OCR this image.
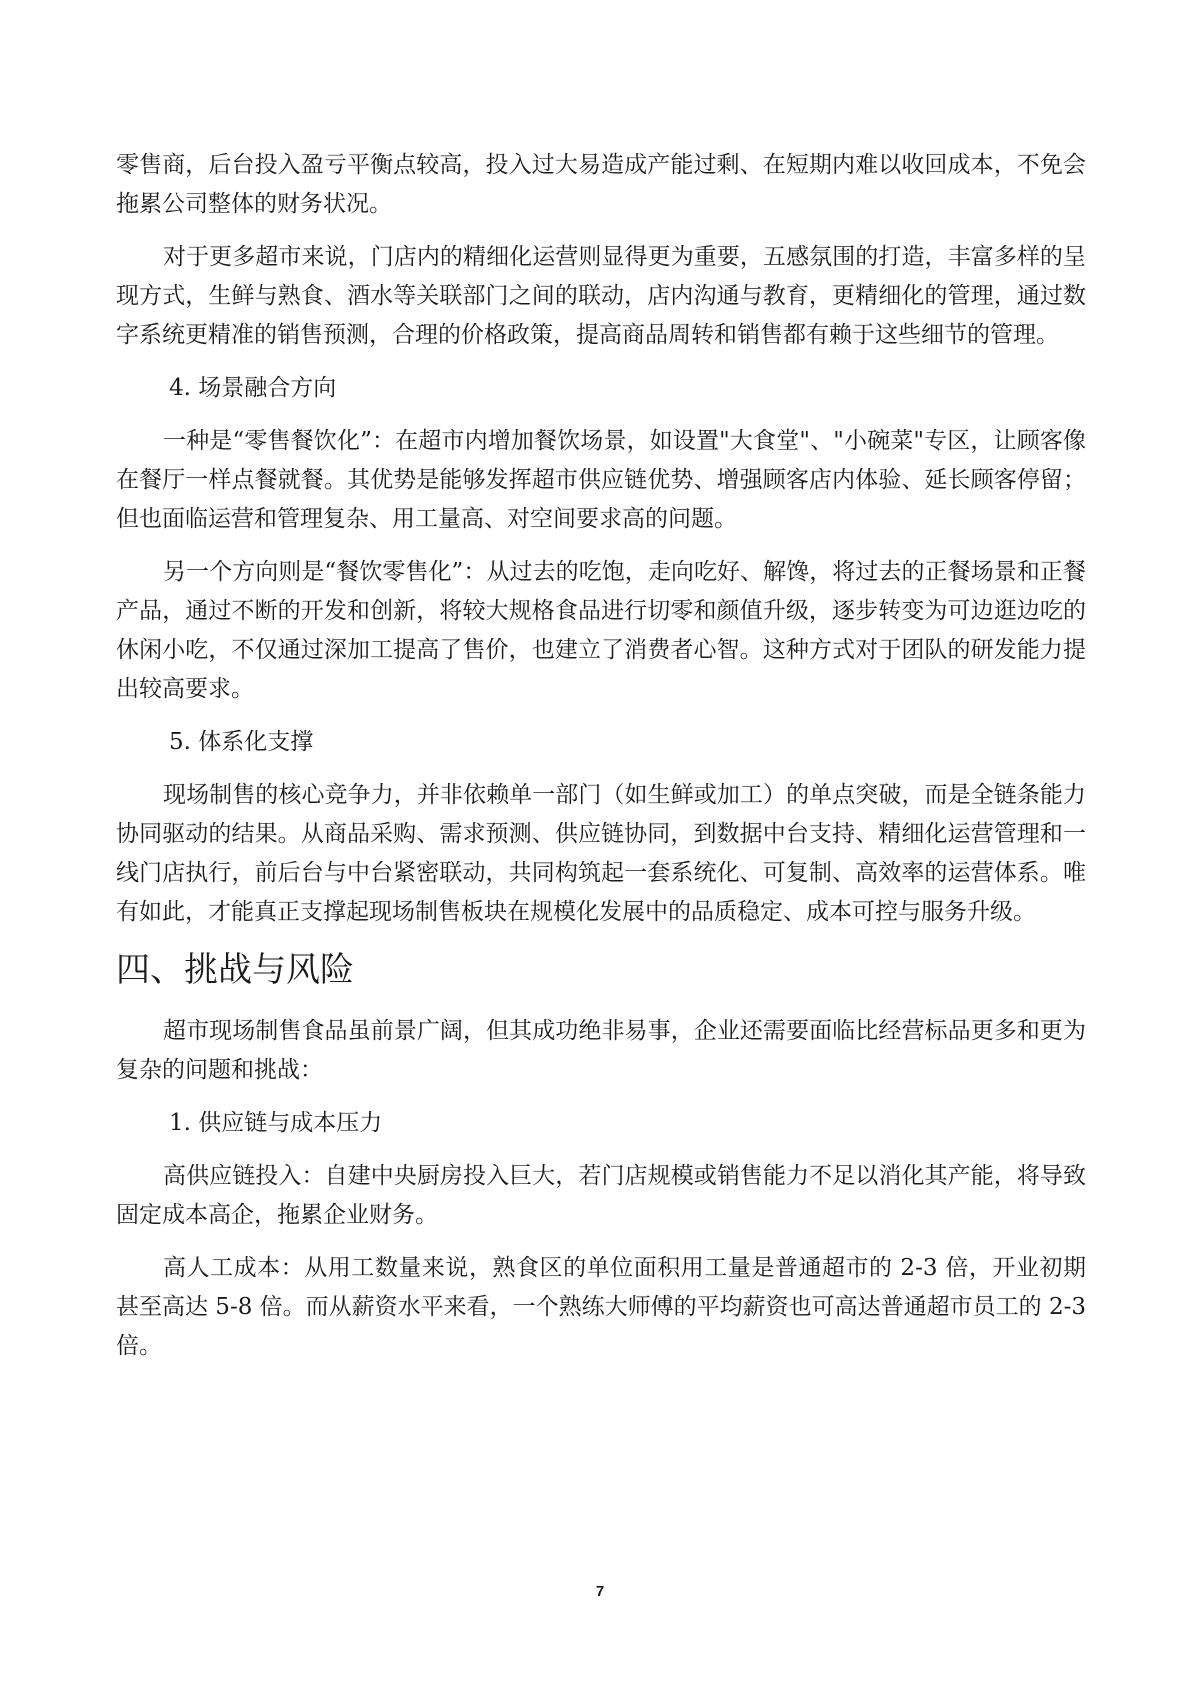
零售商，后台投入盈亏平衡点较高，投入过大易造成产能过剩、在短期内难以收回成本，不免会拖累公司整体的财务状况。

对于更多超市来说，门店内的精细化运营则显得更为重要，五感氛围的打造，丰富多样的呈现方式，生鲜与熟食、酒水等关联部门之间的联动，店内沟通与教育，更精细化的管理，通过数字系统更精准的销售预测，合理的价格政策，提高商品周转和销售都有赖于这些细节的管理。

4. 场景融合方向

一种是“零售餐饮化”：在超市内增加餐饮场景，如设置"大食堂"、"小碗菜"专区，让顾客像在餐厅一样点餐就餐。其优势是能够发挥超市供应链优势、增强顾客店内体验、延长顾客停留；但也面临运营和管理复杂、用工量高、对空间要求高的问题。

另一个方向则是“餐饮零售化”：从过去的吃饱，走向吃好、解馋，将过去的正餐场景和正餐产品，通过不断的开发和创新，将较大规格食品进行切零和颜值升级，逐步转变为可边逛边吃的休闲小吃，不仅通过深加工提高了售价，也建立了消费者心智。这种方式对于团队的研发能力提出较高要求。

5. 体系化支撑

现场制售的核心竞争力，并非依赖单一部门（如生鲜或加工）的单点突破，而是全链条能力协同驱动的结果。从商品采购、需求预测、供应链协同，到数据中台支持、精细化运营管理和一线门店执行，前后台与中台紧密联动，共同构筑起一套系统化、可复制、高效率的运营体系。唯有如此，才能真正支撑起现场制售板块在规模化发展中的品质稳定、成本可控与服务升级。

四、挑战与风险

超市现场制售食品虽前景广阔，但其成功绝非易事，企业还需要面临比经营标品更多和更为复杂的问题和挑战：

1. 供应链与成本压力

高供应链投入：自建中央厨房投入巨大，若门店规模或销售能力不足以消化其产能，将导致固定成本高企，拖累企业财务。

高人工成本：从用工数量来说，熟食区的单位面积用工量是普通超市的 2-3 倍，开业初期甚至高达 5-8 倍。而从薪资水平来看，一个熟练大师傅的平均薪资也可高达普通超市员工的 2-3 倍。

7
